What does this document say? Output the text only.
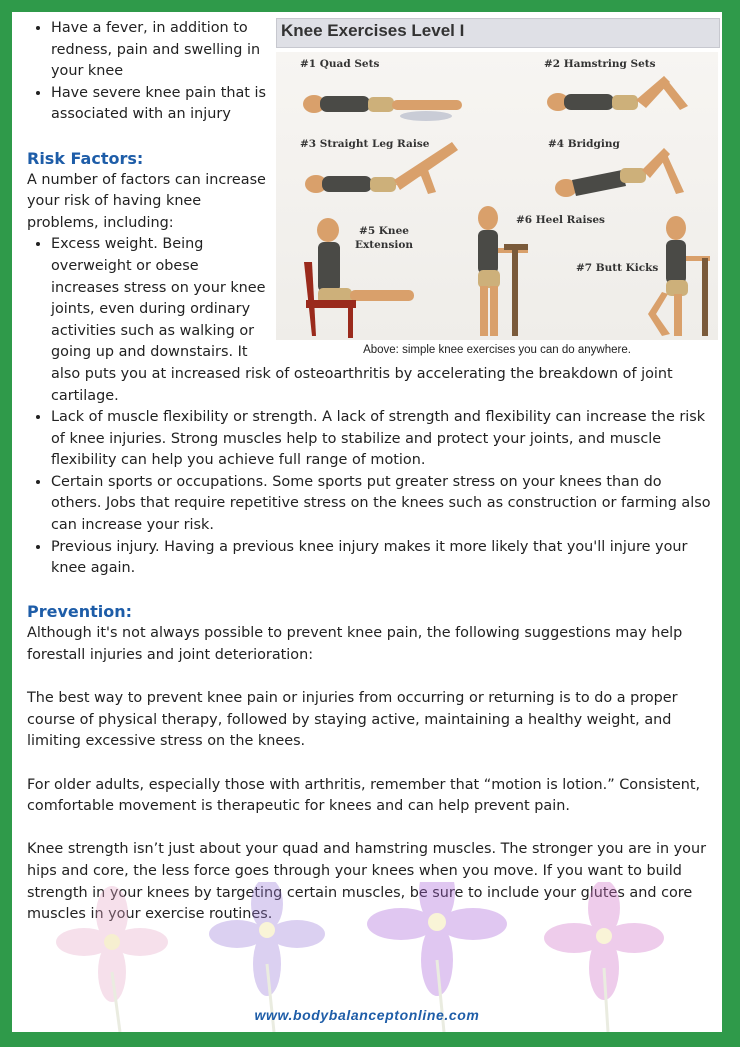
Knee Exercises Level I
#1 Quad Sets	#2 Hamstring Sets
#3 Straight Leg Raise	#4 Bridging
#5 Knee Extension
#6 Heel Raises
#7 Butt Kicks
Above: simple knee exercises you can do anywhere.
• Have a fever, in addition to redness, pain and swelling in your knee
• Have severe knee pain that is associated with an injury
Risk Factors:

A number of factors can increase your risk of having knee problems, including:

• Excess weight. Being overweight or obese increases stress on your knee joints, even during ordinary activities such as walking or going up and downstairs. It also puts you at increased risk of osteoarthritis by accelerating the breakdown of joint cartilage.
• Lack of muscle flexibility or strength. A lack of strength and flexibility can increase the risk of knee injuries. Strong muscles help to stabilize and protect your joints, and muscle flexibility can help you achieve full range of motion.
• Certain sports or occupations. Some sports put greater stress on your knees than do others. Jobs that require repetitive stress on the knees such as construction or farming also can increase your risk.
• Previous injury. Having a previous knee injury makes it more likely that you'll injure your knee again.
Prevention:

Although it's not always possible to prevent knee pain, the following suggestions may help forestall injuries and joint deterioration:

The best way to prevent knee pain or injuries from occurring or returning is to do a proper course of physical therapy, followed by staying active, maintaining a healthy weight, and limiting excessive stress on the knees.

For older adults, especially those with arthritis, remember that “motion is lotion.” Consistent, comfortable movement is therapeutic for knees and can help prevent pain.

Knee strength isn’t just about your quad and hamstring muscles. The stronger you are in your hips and core, the less force goes through your knees when you move. If you want to build strength in your knees by targeting certain muscles, be sure to include your glutes and core muscles in your exercise routines.

www.bodybalanceptonline.com
